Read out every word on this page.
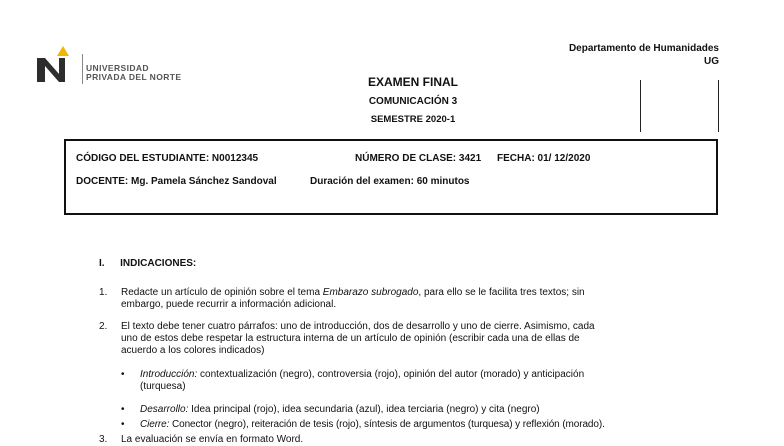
UNIVERSIDAD
PRIVADA DEL NORTE
Departamento de Humanidades
UG
EXAMEN FINAL
COMUNICACIÓN 3
SEMESTRE 2020-1
CÓDIGO DEL ESTUDIANTE: N0012345	NÚMERO DE CLASE: 3421 FECHA: 01/ 12/2020
DOCENTE: Mg. Pamela Sánchez Sandoval	Duración del examen: 60 minutos
I. INDICACIONES:
1. Redacte un artículo de opinión sobre el tema Embarazo subrogado, para ello se le facilita tres textos; sin
embargo, puede recurrir a información adicional.
2. El texto debe tener cuatro párrafos: uno de introducción, dos de desarrollo y uno de cierre. Asimismo, cada
uno de estos debe respetar la estructura interna de un artículo de opinión (escribir cada una de ellas de
acuerdo a los colores indicados)
• Introducción: contextualización (negro), controversia (rojo), opinión del autor (morado) y anticipación
(turquesa)
• Desarrollo: Idea principal (rojo), idea secundaria (azul), idea terciaria (negro) y cita (negro)
• Cierre: Conector (negro), reiteración de tesis (rojo), síntesis de argumentos (turquesa) y reflexión (morado).
3. La evaluación se envía en formato Word.
